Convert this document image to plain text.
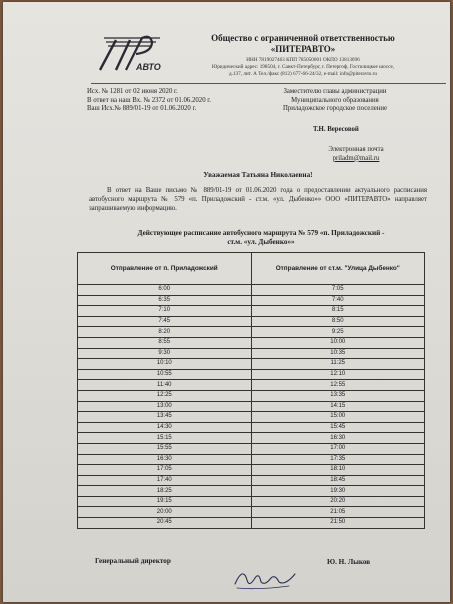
АВТО
Общество с ограниченной ответственностью
«ПИТЕРАВТО»
ИНН 7819027463 КПП 785050001 ОКПО 13813696
Юридический адрес: 198504, г. Санкт-Петербург, г. Петергоф, Гостилицкое шоссе,
д.137, лит. А Тел./факс (812) 677-66-24/32, e-mail: info@piteravto.ru
Исх. № 1281 от 02 июня 2020 г.
В ответ на наш Вх. № 2372 от 01.06.2020 г.
Ваш Исх.№ 889/01-19 от 01.06.2020 г.
Заместителю главы администрации
Муниципального образования
Приладожское городское поселение
Т.Н. Вересовой
Электронная почта
priladm@mail.ru
Уважаемая Татьяна Николаевна!
В ответ на Ваше письмо № 889/01-19 от 01.06.2020 года о предоставлении актуального расписания автобусного маршрута № 579 «п. Приладожский - ст.м. «ул. Дыбенко»» ООО «ПИТЕРАВТО» направляет запрашиваемую информацию.
Действующее расписание автобусного маршрута № 579 «п. Приладожский -
ст.м. «ул. Дыбенко»»
Отправление от п. Приладожский	Отправление от ст.м. "Улица Дыбенко"
6:00	7:05
6:35	7:40
7:10	8:15
7:45	8:50
8:20	9:25
8:55	10:00
9:30	10:35
10:10	11:25
10:55	12:10
11:40	12:55
12:25	13:35
13:00	14:15
13:45	15:00
14:30	15:45
15:15	16:30
15:55	17:00
16:30	17:35
17:05	18:10
17:40	18:45
18:25	19:30
19:15	20:20
20:00	21:05
20:45	21:50
Генеральный директор	Ю. Н. Лыков
